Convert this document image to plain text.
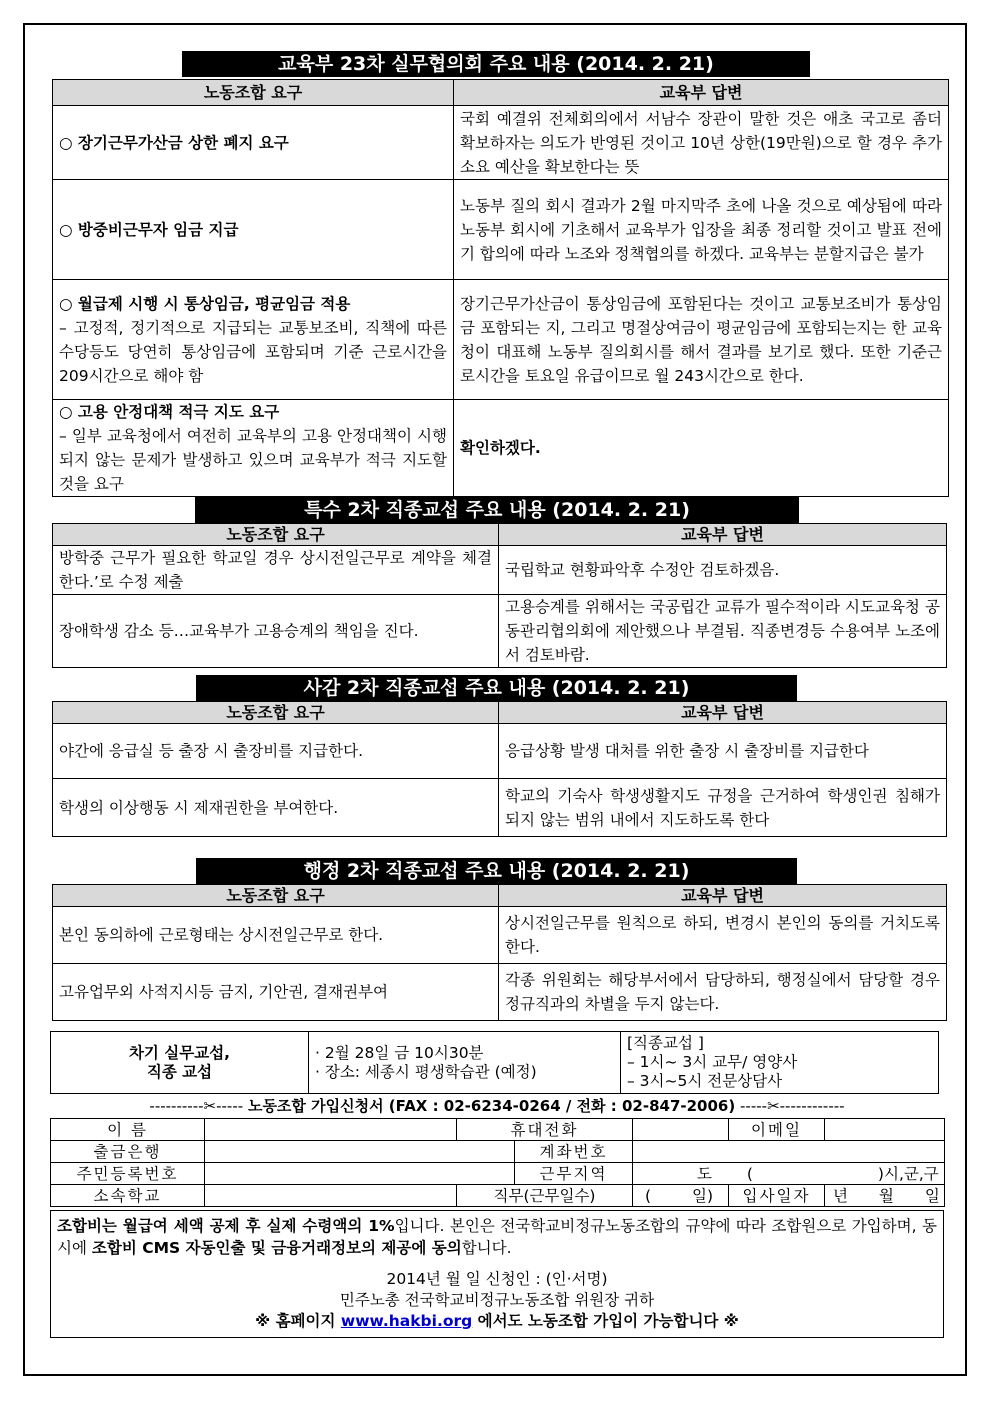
교육부 23차 실무협의회 주요 내용 (2014. 2. 21)
노동조합 요구	교육부 답변
○ 장기근무가산금 상한 폐지 요구	국회 예결위 전체회의에서 서남수 장관이 말한 것은 애초 국고로 좀더 확보하자는 의도가 반영된 것이고 10년 상한(19만원)으로 할 경우 추가 소요 예산을 확보한다는 뜻
○ 방중비근무자 임금 지급	노동부 질의 회시 결과가 2월 마지막주 초에 나올 것으로 예상됨에 따라 노동부 회시에 기초해서 교육부가 입장을 최종 정리할 것이고 발표 전에 기 합의에 따라 노조와 정책협의를 하겠다. 교육부는 분할지급은 불가

○ 월급제 시행 시 통상임금, 평균임금 적용
– 고정적, 정기적으로 지급되는 교통보조비, 직책에 따른 수당등도 당연히 통상임금에 포함되며 기준 근로시간을 209시간으로 해야 함	장기근무가산금이 통상임금에 포함된다는 것이고 교통보조비가 통상임금 포함되는 지, 그리고 명절상여금이 평균임금에 포함되는지는 한 교육청이 대표해 노동부 질의회시를 해서 결과를 보기로 했다. 또한 기준근로시간을 토요일 유급이므로 월 243시간으로 한다.

○ 고용 안정대책 적극 지도 요구
– 일부 교육청에서 여전히 교육부의 고용 안정대책이 시행되지 않는 문제가 발생하고 있으며 교육부가 적극 지도할 것을 요구	확인하겠다.
특수 2차 직종교섭 주요 내용 (2014. 2. 21)
노동조합 요구	교육부 답변
방학중 근무가 필요한 학교일 경우 상시전일근무로 계약을 체결한다.’로 수정 제출	국립학교 현황파악후 수정안 검토하겠음.
장애학생 감소 등…교육부가 고용승계의 책임을 진다.	고용승계를 위해서는 국공립간 교류가 필수적이라 시도교육청 공동관리협의회에 제안했으나 부결됨. 직종변경등 수용여부 노조에서 검토바람.
사감 2차 직종교섭 주요 내용 (2014. 2. 21)
노동조합 요구	교육부 답변
야간에 응급실 등 출장 시 출장비를 지급한다.	응급상황 발생 대처를 위한 출장 시 출장비를 지급한다
학생의 이상행동 시 제재권한을 부여한다.	학교의 기숙사 학생생활지도 규정을 근거하여 학생인권 침해가 되지 않는 범위 내에서 지도하도록 한다
행정 2차 직종교섭 주요 내용 (2014. 2. 21)
노동조합 요구	교육부 답변
본인 동의하에 근로형태는 상시전일근무로 한다.	상시전일근무를 원칙으로 하되, 변경시 본인의 동의를 거치도록 한다.
고유업무외 사적지시등 금지, 기안권, 결재권부여	각종 위원회는 해당부서에서 담당하되, 행정실에서 담당할 경우 정규직과의 차별을 두지 않는다.
차기 실무교섭,
직종 교섭

· 2월 28일 금 10시30분
· 장소: 세종시 평생학습관 (예정)

[직종교섭 ]
– 1시~ 3시 교무/ 영양사
– 3시~5시 전문상담사
----------✂----- 노동조합 가입신청서 (FAX : 02-6234-0264 / 전화 : 02-847-2006) -----✂------------
이 름		휴대전화			이메일	
출금은행			계좌번호			
주민등록번호			근무지역	도 ( )시,군,구		
소속학교		직무(근무일수)		( 일)	입사일자	년 월 일
조합비는 월급여 세액 공제 후 실제 수령액의 1%입니다. 본인은 전국학교비정규노동조합의 규약에 따라 조합원으로 가입하며, 동시에 조합비 CMS 자동인출 및 금융거래정보의 제공에 동의합니다.
2014년 월 일 신청인 : (인·서명)
민주노총 전국학교비정규노동조합 위원장 귀하
※ 홈페이지 www.hakbi.org 에서도 노동조합 가입이 가능합니다 ※
